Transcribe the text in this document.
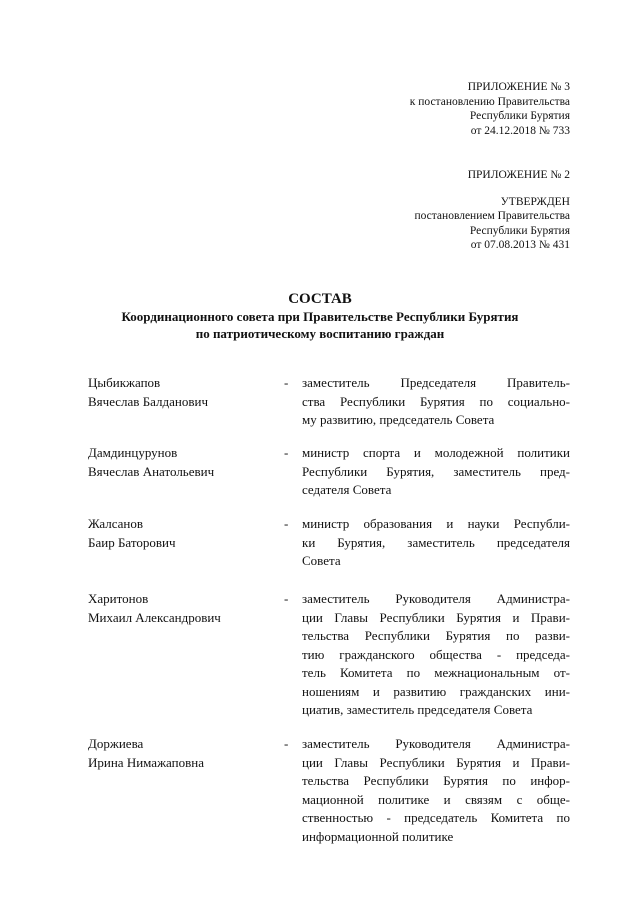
ПРИЛОЖЕНИЕ № 3
к постановлению Правительства
Республики Бурятия
от 24.12.2018 № 733
ПРИЛОЖЕНИЕ № 2
УТВЕРЖДЕН
постановлением Правительства
Республики Бурятия
от 07.08.2013 № 431
СОСТАВ
Координационного совета при Правительстве Республики Бурятия
по патриотическому воспитанию граждан
Цыбикжапов
Вячеслав Балданович
- заместитель Председателя Правитель-
ства Республики Бурятия по социально-
му развитию, председатель Совета
Дамдинцурунов
Вячеслав Анатольевич
- министр спорта и молодежной политики
Республики Бурятия, заместитель пред-
седателя Совета
Жалсанов
Баир Баторович
- министр образования и науки Республи-
ки Бурятия, заместитель председателя
Совета
Харитонов
Михаил Александрович
- заместитель Руководителя Администра-
ции Главы Республики Бурятия и Прави-
тельства Республики Бурятия по разви-
тию гражданского общества - председа-
тель Комитета по межнациональным от-
ношениям и развитию гражданских ини-
циатив, заместитель председателя Совета
Доржиева
Ирина Нимажаповна
- заместитель Руководителя Администра-
ции Главы Республики Бурятия и Прави-
тельства Республики Бурятия по инфор-
мационной политике и связям с обще-
ственностью - председатель Комитета по
информационной политике
